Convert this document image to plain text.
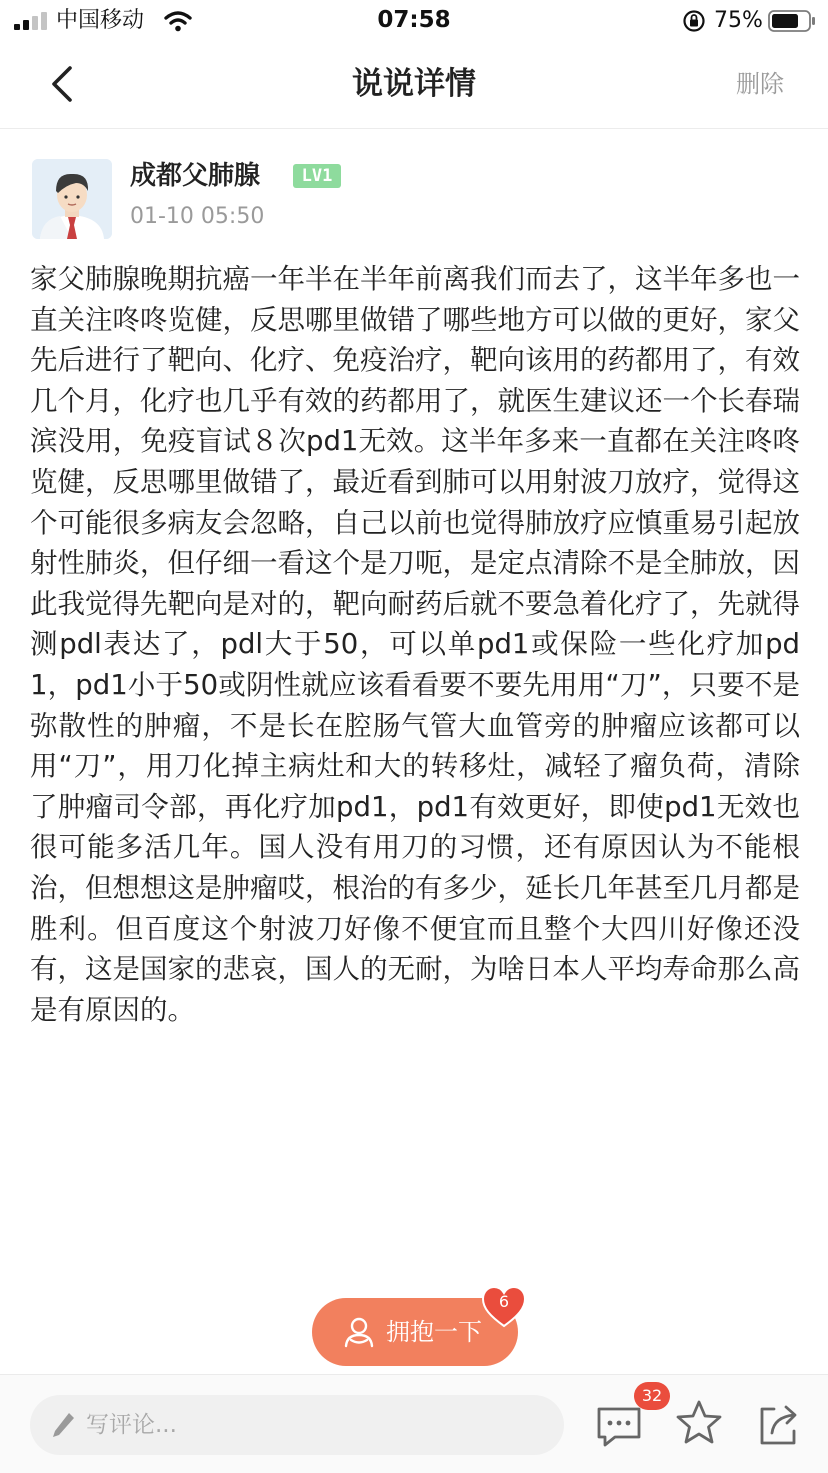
中国移动	07:58	75%
说说详情	删除
成都父肺腺	LV1
01-10 05:50

家父肺腺晚期抗癌一年半在半年前离我们而去了，这半年多也一直关注咚咚览健，反思哪里做错了哪些地方可以做的更好，家父先后进行了靶向、化疗、免疫治疗，靶向该用的药都用了，有效几个月，化疗也几乎有效的药都用了，就医生建议还一个长春瑞滨没用，免疫盲试８次pd1无效。这半年多来一直都在关注咚咚览健，反思哪里做错了，最近看到肺可以用射波刀放疗，觉得这个可能很多病友会忽略，自己以前也觉得肺放疗应慎重易引起放射性肺炎，但仔细一看这个是刀呃，是定点清除不是全肺放，因此我觉得先靶向是对的，靶向耐药后就不要急着化疗了，先就得测pdl表达了，pdl大于50，可以单pd1或保险一些化疗加pd1，pd1小于50或阴性就应该看看要不要先用用“刀”，只要不是弥散性的肿瘤，不是长在腔肠气管大血管旁的肿瘤应该都可以用“刀”，用刀化掉主病灶和大的转移灶，减轻了瘤负荷，清除了肿瘤司令部，再化疗加pd1，pd1有效更好，即使pd1无效也很可能多活几年。国人没有用刀的习惯，还有原因认为不能根治，但想想这是肿瘤哎，根治的有多少，延长几年甚至几月都是胜利。但百度这个射波刀好像不便宜而且整个大四川好像还没有，这是国家的悲哀，国人的无耐，为啥日本人平均寿命那么高是有原因的。

拥抱一下
6
写评论...
32
